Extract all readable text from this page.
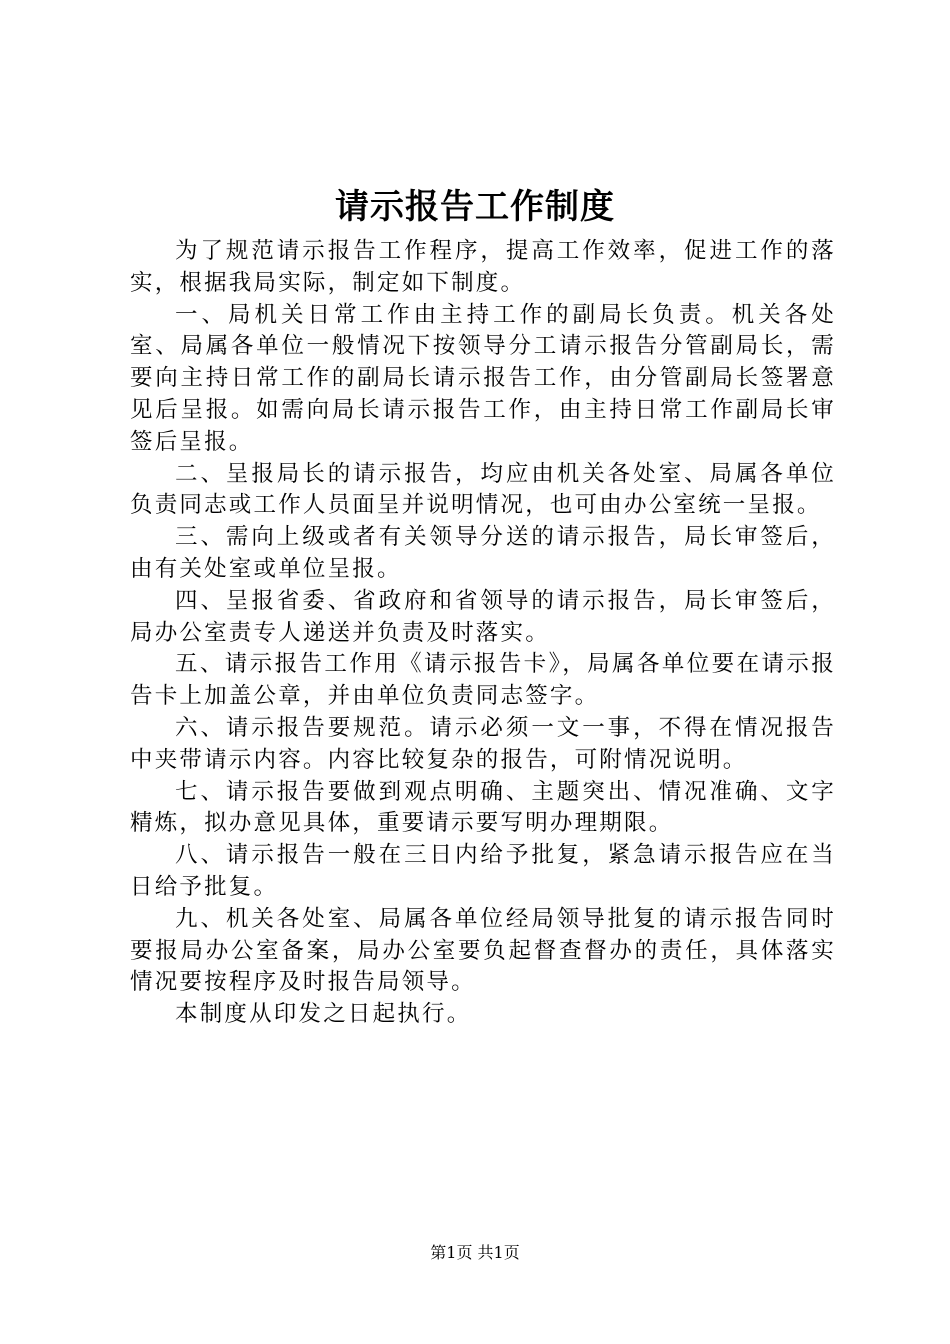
请示报告工作制度

为了规范请示报告工作程序，提高工作效率，促进工作的落实，根据我局实际，制定如下制度。

一、局机关日常工作由主持工作的副局长负责。机关各处室、局属各单位一般情况下按领导分工请示报告分管副局长，需要向主持日常工作的副局长请示报告工作，由分管副局长签署意见后呈报。如需向局长请示报告工作，由主持日常工作副局长审签后呈报。

二、呈报局长的请示报告，均应由机关各处室、局属各单位负责同志或工作人员面呈并说明情况，也可由办公室统一呈报。

三、需向上级或者有关领导分送的请示报告，局长审签后，由有关处室或单位呈报。

四、呈报省委、省政府和省领导的请示报告，局长审签后，局办公室责专人递送并负责及时落实。

五、请示报告工作用《请示报告卡》，局属各单位要在请示报告卡上加盖公章，并由单位负责同志签字。

六、请示报告要规范。请示必须一文一事，不得在情况报告中夹带请示内容。内容比较复杂的报告，可附情况说明。

七、请示报告要做到观点明确、主题突出、情况准确、文字精炼，拟办意见具体，重要请示要写明办理期限。

八、请示报告一般在三日内给予批复，紧急请示报告应在当日给予批复。

九、机关各处室、局属各单位经局领导批复的请示报告同时要报局办公室备案，局办公室要负起督查督办的责任，具体落实情况要按程序及时报告局领导。

本制度从印发之日起执行。

第1页 共1页
